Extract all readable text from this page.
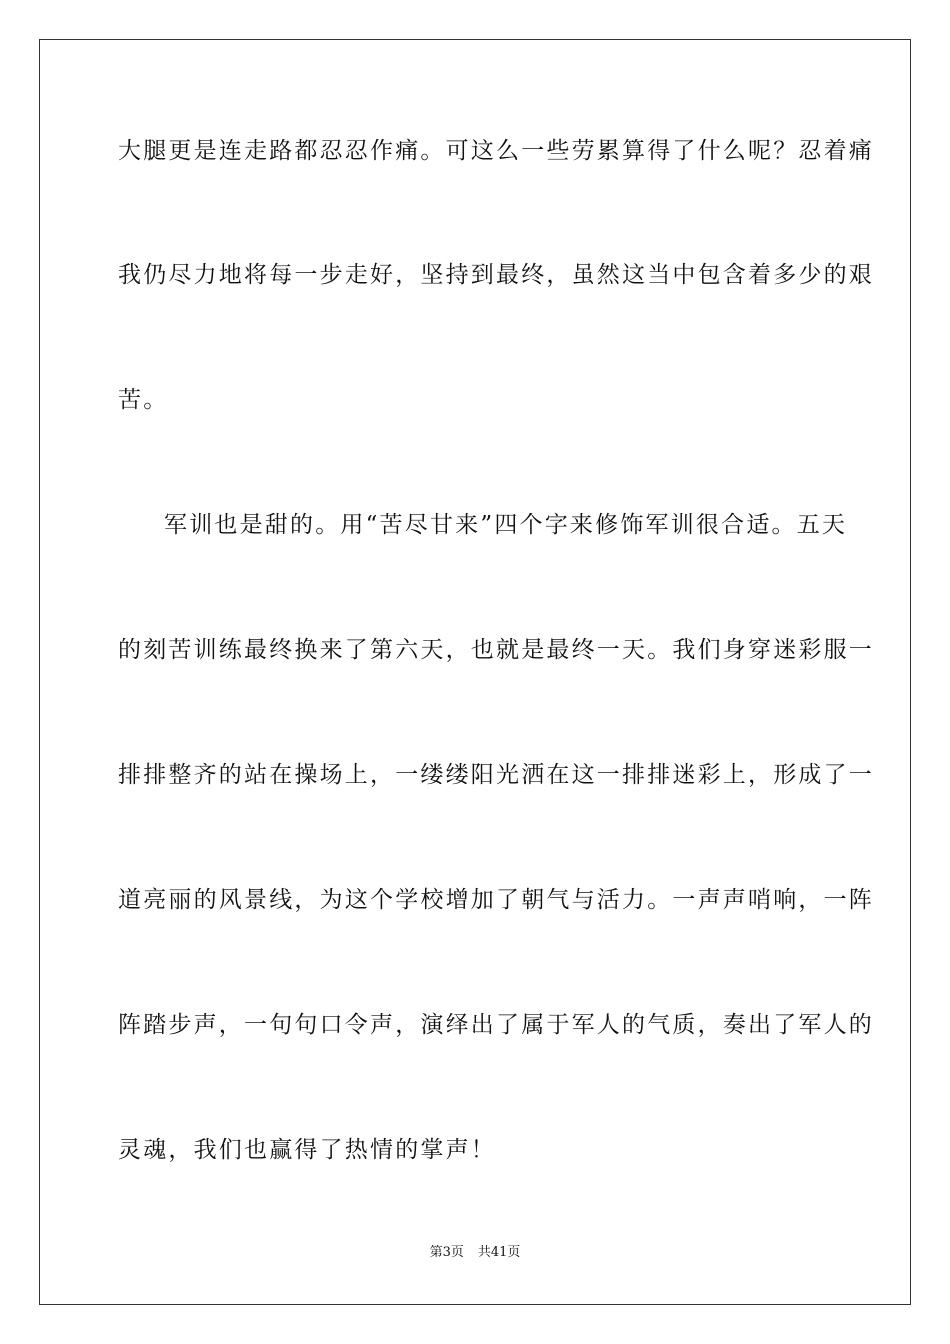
大腿更是连走路都忍忍作痛。可这么一些劳累算得了什么呢？忍着痛
我仍尽力地将每一步走好，坚持到最终，虽然这当中包含着多少的艰
苦。
军训也是甜的。用“苦尽甘来”四个字来修饰军训很合适。五天
的刻苦训练最终换来了第六天，也就是最终一天。我们身穿迷彩服一
排排整齐的站在操场上，一缕缕阳光洒在这一排排迷彩上，形成了一
道亮丽的风景线，为这个学校增加了朝气与活力。一声声哨响，一阵
阵踏步声，一句句口令声，演绎出了属于军人的气质，奏出了军人的
灵魂，我们也赢得了热情的掌声！
第3页 共41页
